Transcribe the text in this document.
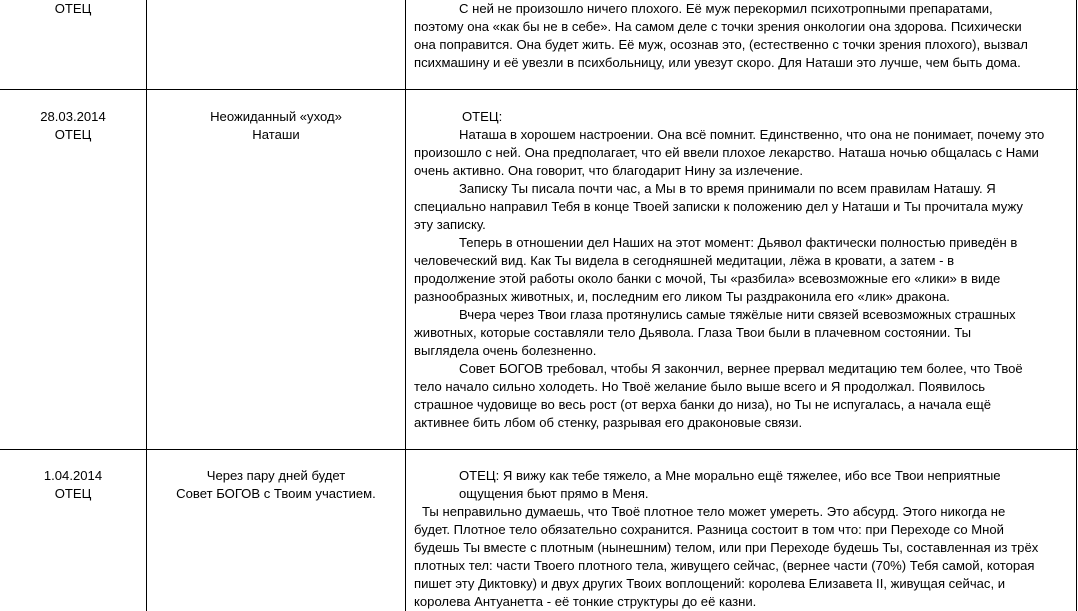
ОТЕЦ	С ней не произошло ничего плохого. Её муж перекормил психотропными препаратами,

поэтому она «как бы не в себе». На самом деле с точки зрения онкологии она здорова. Психически

она поправится. Она будет жить. Её муж, осознав это, (естественно с точки зрения плохого), вызвал

психмашину и её увезли в психбольницу, или увезут скоро. Для Наташи это лучше, чем быть дома.

28.03.2014
ОТЕЦ
Неожиданный «уход»
Наташи

ОТЕЦ:

Наташа в хорошем настроении. Она всё помнит. Единственно, что она не понимает, почему это

произошло с ней. Она предполагает, что ей ввели плохое лекарство. Наташа ночью общалась с Нами

очень активно. Она говорит, что благодарит Нину за излечение.

Записку Ты писала почти час, а Мы в то время принимали по всем правилам Наташу. Я

специально направил Тебя в конце Твоей записки к положению дел у Наташи и Ты прочитала мужу

эту записку.

Теперь в отношении дел Наших на этот момент: Дьявол фактически полностью приведён в

человеческий вид. Как Ты видела в сегодняшней медитации, лёжа в кровати, а затем - в

продолжение этой работы около банки с мочой, Ты «разбила» всевозможные его «лики» в виде

разнообразных животных, и, последним его ликом Ты раздраконила его «лик» дракона.

Вчера через Твои глаза протянулись самые тяжёлые нити связей всевозможных страшных

животных, которые составляли тело Дьявола. Глаза Твои были в плачевном состоянии. Ты

выглядела очень болезненно.

Совет БОГОВ требовал, чтобы Я закончил, вернее прервал медитацию тем более, что Твоё

тело начало сильно холодеть. Но Твоё желание было выше всего и Я продолжал. Появилось

страшное чудовище во весь рост (от верха банки до низа), но Ты не испугалась, а начала ещё

активнее бить лбом об стенку, разрывая его драконовые связи.

1.04.2014
ОТЕЦ
Через пару дней будет
Совет БОГОВ с Твоим участием.

ОТЕЦ: Я вижу как тебе тяжело, а Мне морально ещё тяжелее, ибо все Твои неприятные

ощущения бьют прямо в Меня.

Ты неправильно думаешь, что Твоё плотное тело может умереть. Это абсурд. Этого никогда не

будет. Плотное тело обязательно сохранится. Разница состоит в том что: при Переходе со Мной

будешь Ты вместе с плотным (нынешним) телом, или при Переходе будешь Ты, составленная из трёх

плотных тел: части Твоего плотного тела, живущего сейчас, (вернее части (70%) Тебя самой, которая

пишет эту Диктовку) и двух других Твоих воплощений: королева Елизавета II, живущая сейчас, и

королева Антуанетта - её тонкие структуры до её казни.
